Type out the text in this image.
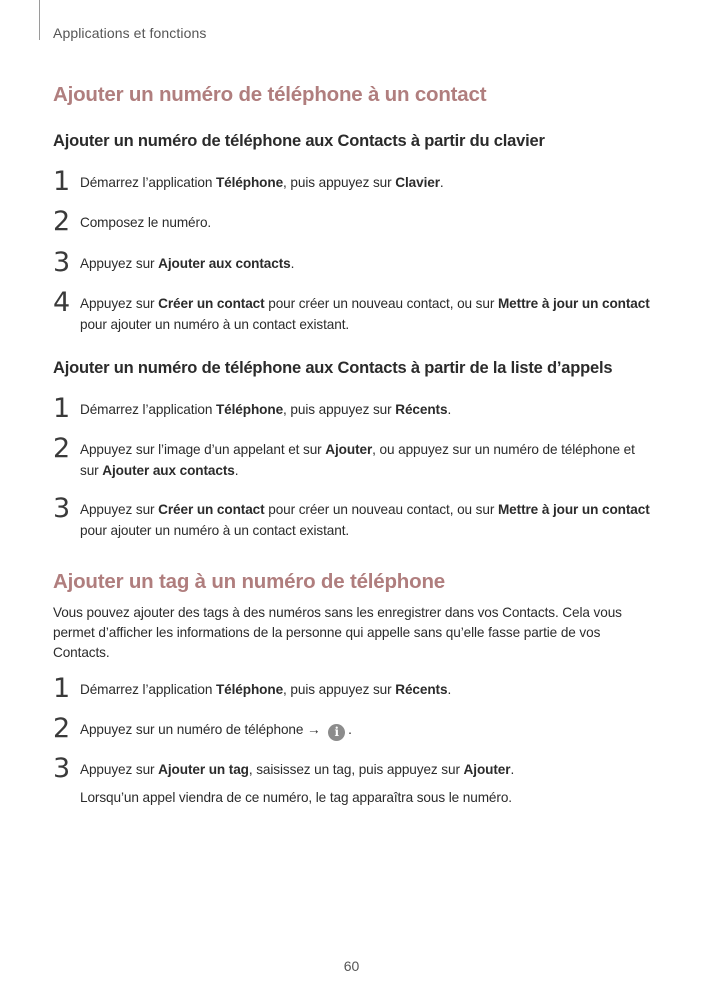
Applications et fonctions
Ajouter un numéro de téléphone à un contact
Ajouter un numéro de téléphone aux Contacts à partir du clavier
1 Démarrez l’application Téléphone, puis appuyez sur Clavier.
2 Composez le numéro.
3 Appuyez sur Ajouter aux contacts.
4 Appuyez sur Créer un contact pour créer un nouveau contact, ou sur Mettre à jour un contact pour ajouter un numéro à un contact existant.
Ajouter un numéro de téléphone aux Contacts à partir de la liste d’appels
1 Démarrez l’application Téléphone, puis appuyez sur Récents.
2 Appuyez sur l’image d’un appelant et sur Ajouter, ou appuyez sur un numéro de téléphone et sur Ajouter aux contacts.
3 Appuyez sur Créer un contact pour créer un nouveau contact, ou sur Mettre à jour un contact pour ajouter un numéro à un contact existant.
Ajouter un tag à un numéro de téléphone
Vous pouvez ajouter des tags à des numéros sans les enregistrer dans vos Contacts. Cela vous permet d’afficher les informations de la personne qui appelle sans qu’elle fasse partie de vos Contacts.
1 Démarrez l’application Téléphone, puis appuyez sur Récents.
2 Appuyez sur un numéro de téléphone → i .
3 Appuyez sur Ajouter un tag, saisissez un tag, puis appuyez sur Ajouter.
Lorsqu’un appel viendra de ce numéro, le tag apparaîtra sous le numéro.
60
